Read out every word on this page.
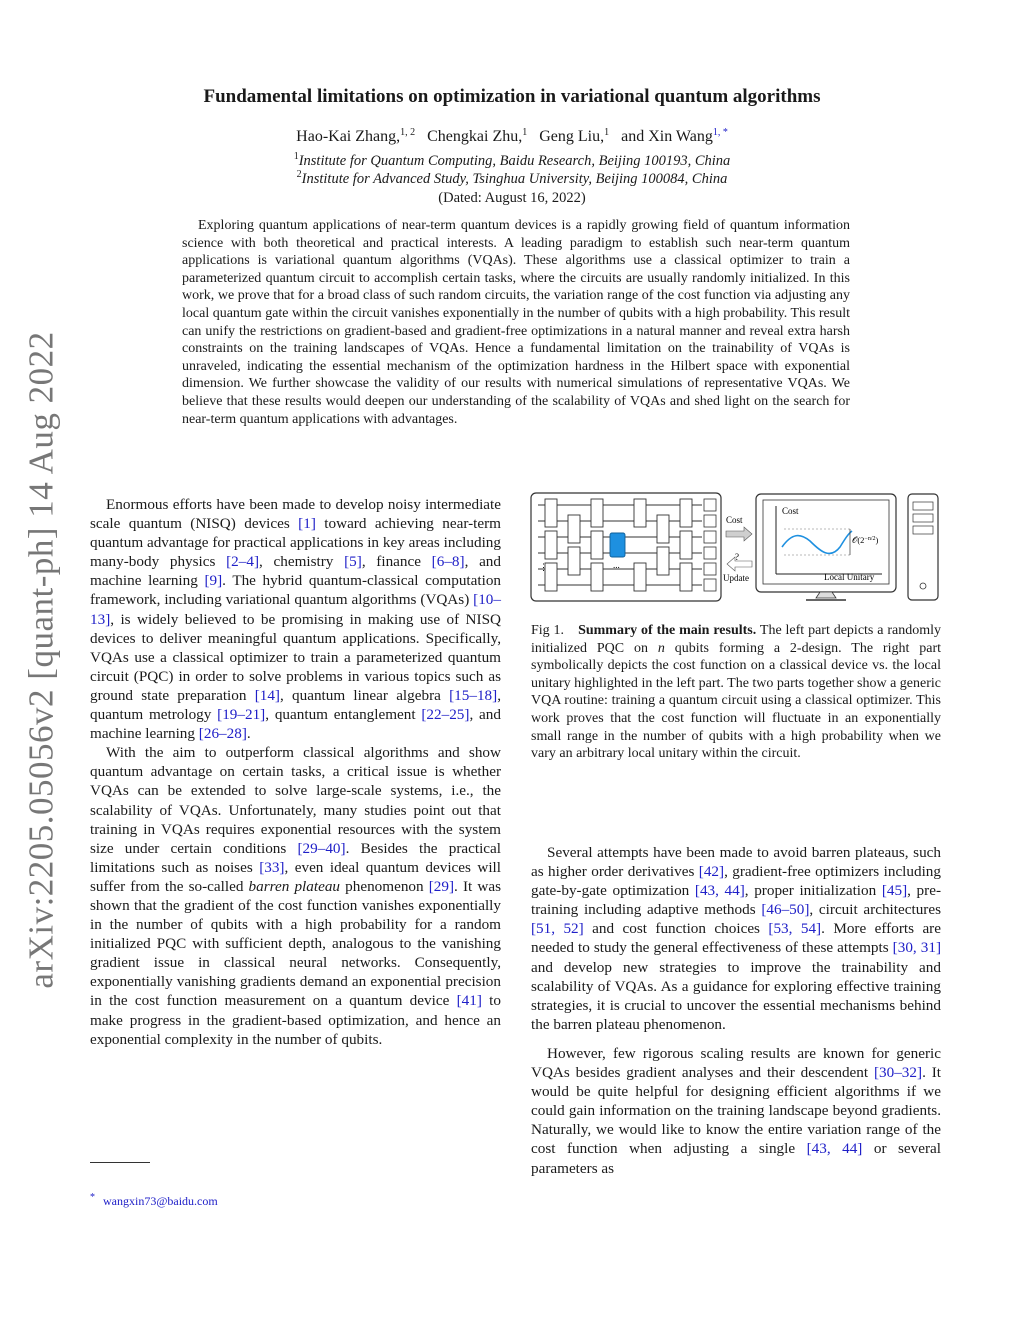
arXiv:2205.05056v2 [quant-ph] 14 Aug 2022
Fundamental limitations on optimization in variational quantum algorithms
Hao-Kai Zhang,$^{1, 2}$ Chengkai Zhu,$^1$ Geng Liu,$^1$ and Xin Wang$^{1, *}$
$^1$Institute for Quantum Computing, Baidu Research, Beijing 100193, China
$^2$Institute for Advanced Study, Tsinghua University, Beijing 100084, China
(Dated: August 16, 2022)

Exploring quantum applications of near-term quantum devices is a rapidly growing field of quantum information science with both theoretical and practical interests. A leading paradigm to establish such near-term quantum applications is variational quantum algorithms (VQAs). These algorithms use a classical optimizer to train a parameterized quantum circuit to accomplish certain tasks, where the circuits are usually randomly initialized. In this work, we prove that for a broad class of such random circuits, the variation range of the cost function via adjusting any local quantum gate within the circuit vanishes exponentially in the number of qubits with a high probability. This result can unify the restrictions on gradient-based and gradient-free optimizations in a natural manner and reveal extra harsh constraints on the training landscapes of VQAs. Hence a fundamental limitation on the trainability of VQAs is unraveled, indicating the essential mechanism of the optimization hardness in the Hilbert space with exponential dimension. We further showcase the validity of our results with numerical simulations of representative VQAs. We believe that these results would deepen our understanding of the scalability of VQAs and shed light on the search for near-term quantum applications with advantages.

Enormous efforts have been made to develop noisy intermediate scale quantum (NISQ) devices [1] toward achieving near-term quantum advantage for practical applications in key areas including many-body physics [2–4], chemistry [5], finance [6–8], and machine learning [9]. The hybrid quantum-classical computation framework, including variational quantum algorithms (VQAs) [10–13], is widely believed to be promising in making use of NISQ devices to deliver meaningful quantum applications. Specifically, VQAs use a classical optimizer to train a parameterized quantum circuit (PQC) in order to solve problems in various topics such as ground state preparation [14], quantum linear algebra [15–18], quantum metrology [19–21], quantum entanglement [22–25], and machine learning [26–28].

With the aim to outperform classical algorithms and show quantum advantage on certain tasks, a critical issue is whether VQAs can be extended to solve large-scale systems, i.e., the scalability of VQAs. Unfortunately, many studies point out that training in VQAs requires exponential resources with the system size under certain conditions [29–40]. Besides the practical limitations such as noises [33], even ideal quantum devices will suffer from the so-called barren plateau phenomenon [29]. It was shown that the gradient of the cost function vanishes exponentially in the number of qubits with a high probability for a random initialized PQC with sufficient depth, analogous to the vanishing gradient issue in classical neural networks. Consequently, exponentially vanishing gradients demand an exponential precision in the cost function measurement on a quantum device [41] to make progress in the gradient-based optimization, and hence an exponential complexity in the number of qubits.

...
⋮
Cost
?
Update
Cost
$𝒪(2^{-n/2})$
Local Unitary
Fig 1. Summary of the main results. The left part depicts a randomly initialized PQC on n qubits forming a 2-design. The right part symbolically depicts the cost function on a classical device vs. the local unitary highlighted in the left part. The two parts together show a generic VQA routine: training a quantum circuit using a classical optimizer. This work proves that the cost function will fluctuate in an exponentially small range in the number of qubits with a high probability when we vary an arbitrary local unitary within the circuit.

Several attempts have been made to avoid barren plateaus, such as higher order derivatives [42], gradient-free optimizers including gate-by-gate optimization [43, 44], proper initialization [45], pre-training including adaptive methods [46–50], circuit architectures [51, 52] and cost function choices [53, 54]. More efforts are needed to study the general effectiveness of these attempts [30, 31] and develop new strategies to improve the trainability and scalability of VQAs. As a guidance for exploring effective training strategies, it is crucial to uncover the essential mechanisms behind the barren plateau phenomenon.

However, few rigorous scaling results are known for generic VQAs besides gradient analyses and their descendent [30–32]. It would be quite helpful for designing efficient algorithms if we could gain information on the training landscape beyond gradients. Naturally, we would like to know the entire variation range of the cost function when adjusting a single [43, 44] or several parameters as

* wangxin73@baidu.com
